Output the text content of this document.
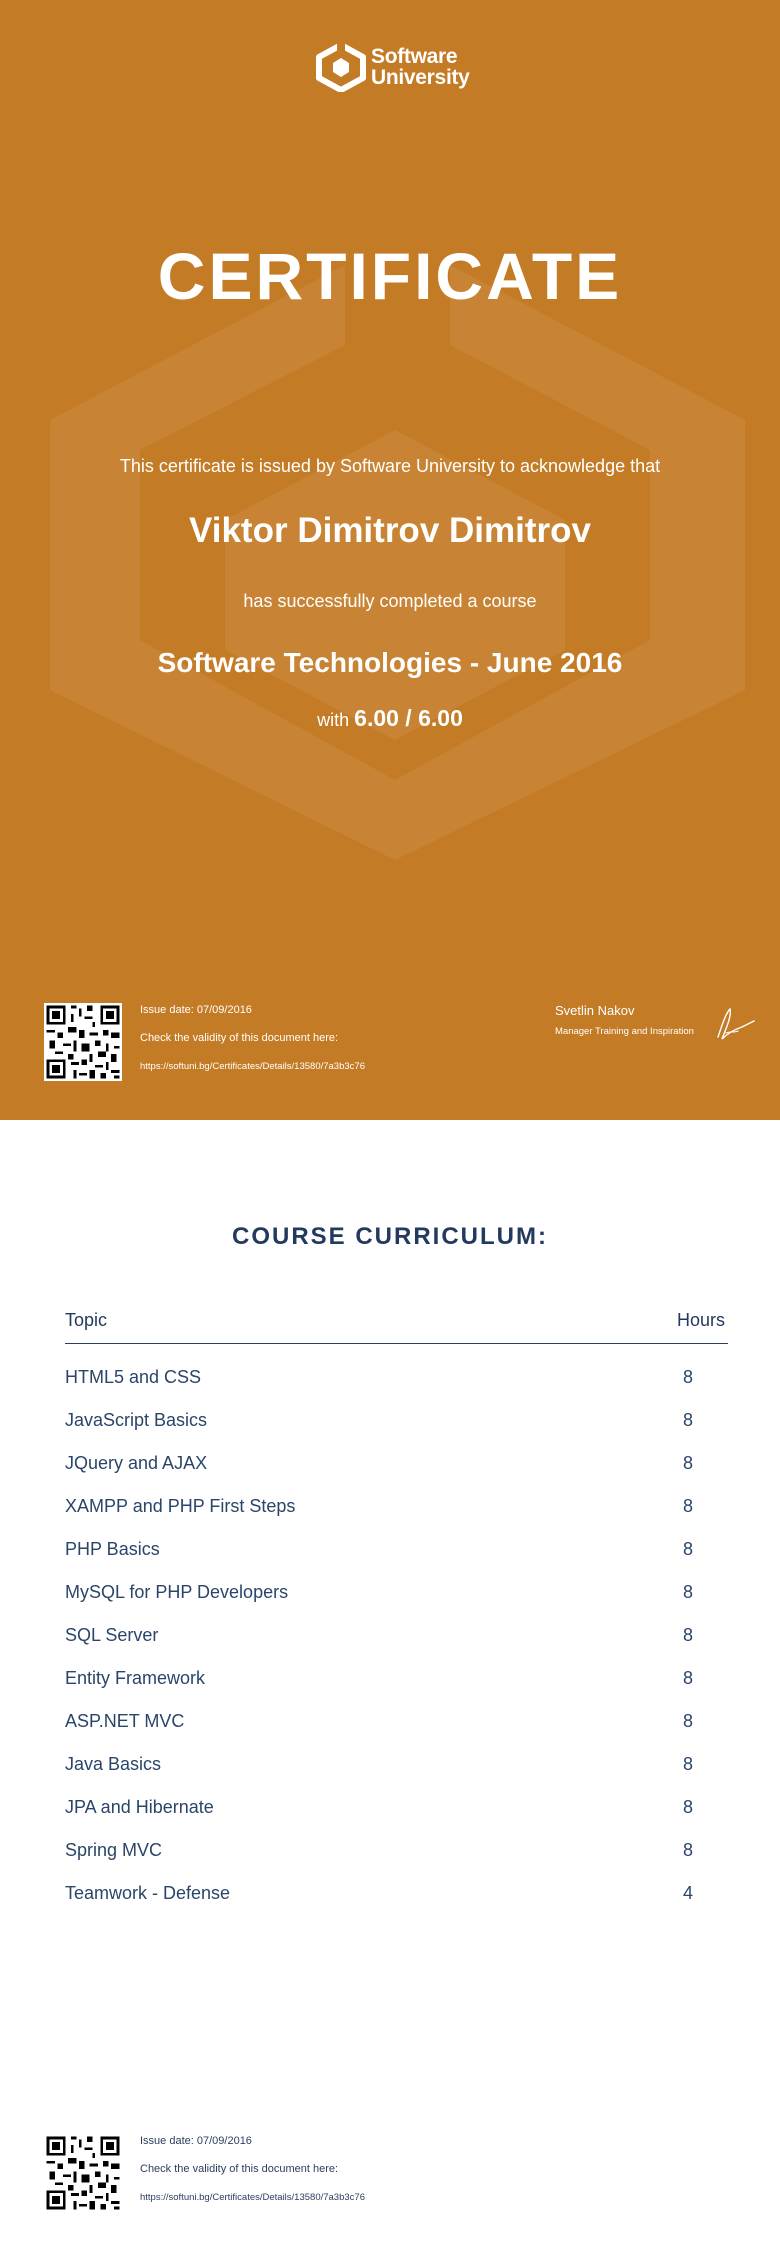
Software
University
CERTIFICATE
This certificate is issued by Software University to acknowledge that
Viktor Dimitrov Dimitrov
has successfully completed a course
Software Technologies - June 2016
with 6.00 / 6.00
Issue date: 07/09/2016
Check the validity of this document here:
https://softuni.bg/Certificates/Details/13580/7a3b3c76
Svetlin Nakov
Manager Training and Inspiration
COURSE CURRICULUM:
Topic	Hours
HTML5 and CSS	8
JavaScript Basics	8
JQuery and AJAX	8
XAMPP and PHP First Steps	8
PHP Basics	8
MySQL for PHP Developers	8
SQL Server	8
Entity Framework	8
ASP.NET MVC	8
Java Basics	8
JPA and Hibernate	8
Spring MVC	8
Teamwork - Defense	4
Issue date: 07/09/2016
Check the validity of this document here:
https://softuni.bg/Certificates/Details/13580/7a3b3c76
